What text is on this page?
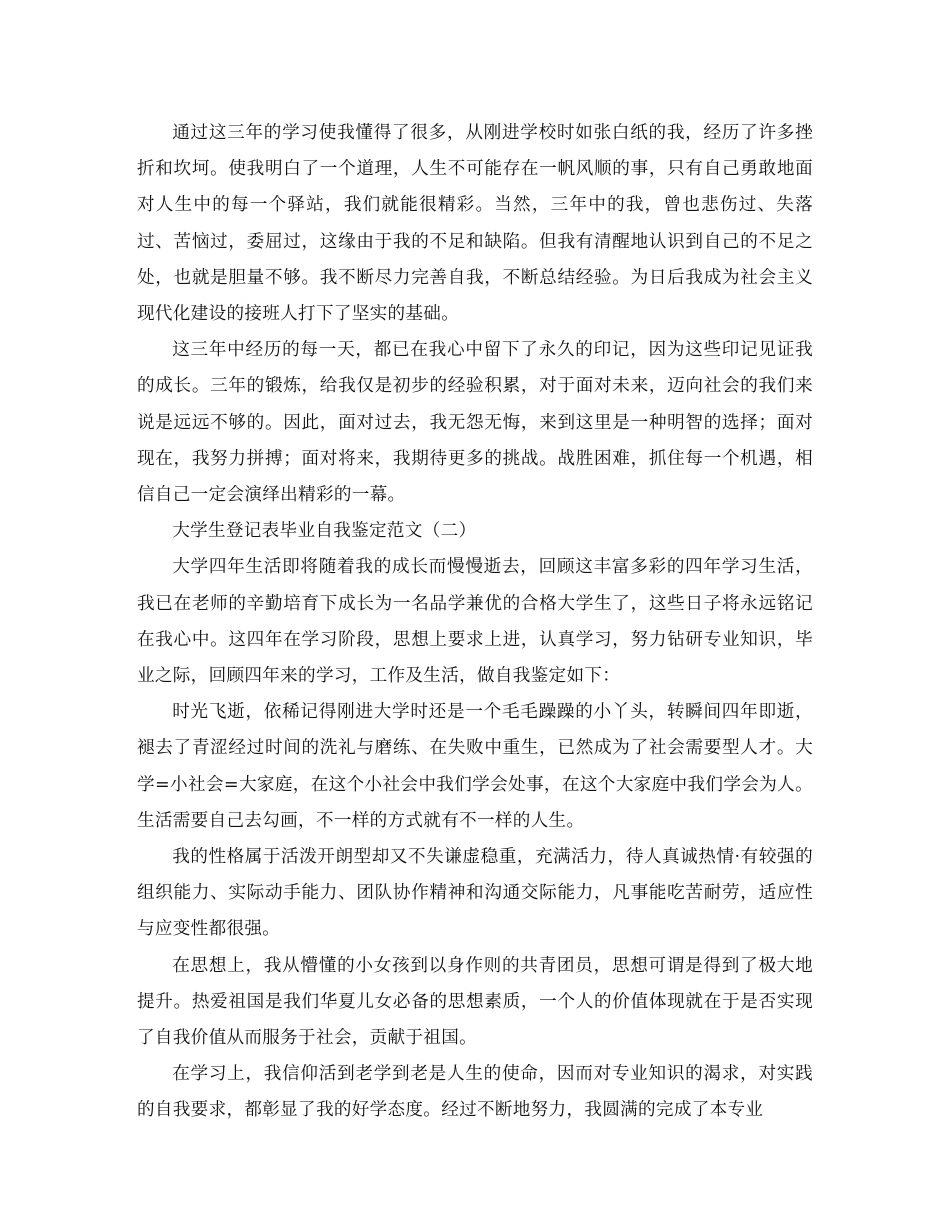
通过这三年的学习使我懂得了很多，从刚进学校时如张白纸的我，经历了许多挫折和坎坷。使我明白了一个道理，人生不可能存在一帆风顺的事，只有自己勇敢地面对人生中的每一个驿站，我们就能很精彩。当然，三年中的我，曾也悲伤过、失落过、苦恼过，委屈过，这缘由于我的不足和缺陷。但我有清醒地认识到自己的不足之处，也就是胆量不够。我不断尽力完善自我，不断总结经验。为日后我成为社会主义现代化建设的接班人打下了坚实的基础。

这三年中经历的每一天，都已在我心中留下了永久的印记，因为这些印记见证我的成长。三年的锻炼，给我仅是初步的经验积累，对于面对未来，迈向社会的我们来说是远远不够的。因此，面对过去，我无怨无悔，来到这里是一种明智的选择；面对现在，我努力拼搏；面对将来，我期待更多的挑战。战胜困难，抓住每一个机遇，相信自己一定会演绎出精彩的一幕。

大学生登记表毕业自我鉴定范文（二）

大学四年生活即将随着我的成长而慢慢逝去，回顾这丰富多彩的四年学习生活，我已在老师的辛勤培育下成长为一名品学兼优的合格大学生了，这些日子将永远铭记在我心中。这四年在学习阶段，思想上要求上进，认真学习，努力钻研专业知识，毕业之际，回顾四年来的学习，工作及生活，做自我鉴定如下：

时光飞逝，依稀记得刚进大学时还是一个毛毛躁躁的小丫头，转瞬间四年即逝，褪去了青涩经过时间的洗礼与磨练、在失败中重生，已然成为了社会需要型人才。大学=小社会=大家庭，在这个小社会中我们学会处事，在这个大家庭中我们学会为人。生活需要自己去勾画，不一样的方式就有不一样的人生。

我的性格属于活泼开朗型却又不失谦虚稳重，充满活力，待人真诚热情·有较强的组织能力、实际动手能力、团队协作精神和沟通交际能力，凡事能吃苦耐劳，适应性与应变性都很强。

在思想上，我从懵懂的小女孩到以身作则的共青团员，思想可谓是得到了极大地提升。热爱祖国是我们华夏儿女必备的思想素质，一个人的价值体现就在于是否实现了自我价值从而服务于社会，贡献于祖国。

在学习上，我信仰活到老学到老是人生的使命，因而对专业知识的渴求，对实践的自我要求，都彰显了我的好学态度。经过不断地努力，我圆满的完成了本专业
